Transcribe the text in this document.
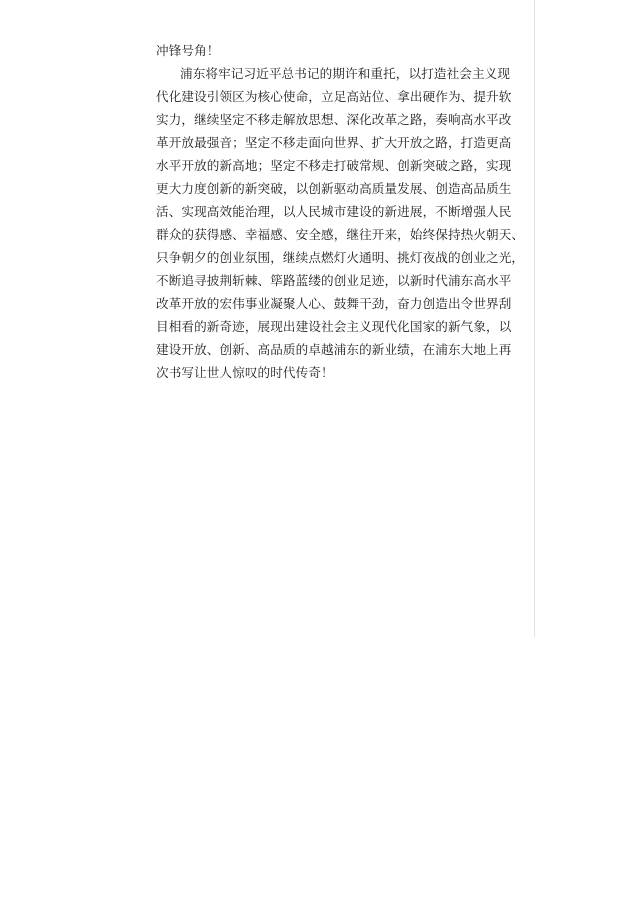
冲锋号角！
浦东将牢记习近平总书记的期许和重托，以打造社会主义现
代化建设引领区为核心使命，立足高站位、拿出硬作为、提升软
实力，继续坚定不移走解放思想、深化改革之路，奏响高水平改
革开放最强音；坚定不移走面向世界、扩大开放之路，打造更高
水平开放的新高地；坚定不移走打破常规、创新突破之路，实现
更大力度创新的新突破，以创新驱动高质量发展、创造高品质生
活、实现高效能治理，以人民城市建设的新进展，不断增强人民
群众的获得感、幸福感、安全感，继往开来，始终保持热火朝天、
只争朝夕的创业氛围，继续点燃灯火通明、挑灯夜战的创业之光，
不断追寻披荆斩棘、筚路蓝缕的创业足迹，以新时代浦东高水平
改革开放的宏伟事业凝聚人心、鼓舞干劲，奋力创造出令世界刮
目相看的新奇迹，展现出建设社会主义现代化国家的新气象，以
建设开放、创新、高品质的卓越浦东的新业绩，在浦东大地上再
次书写让世人惊叹的时代传奇！
